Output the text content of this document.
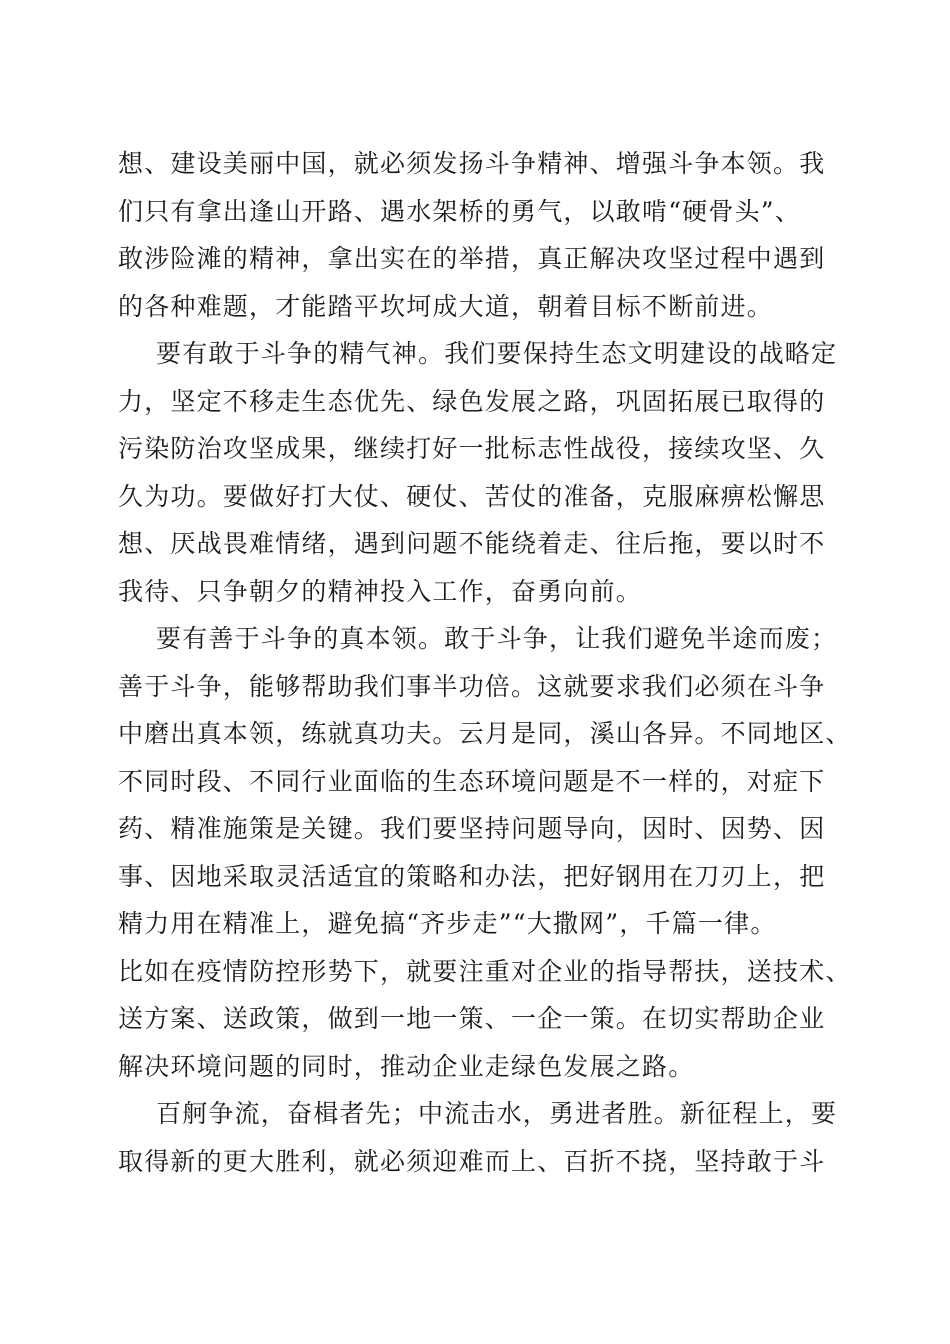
想、建设美丽中国，就必须发扬斗争精神、增强斗争本领。我
们只有拿出逢山开路、遇水架桥的勇气，以敢啃“硬骨头”、
敢涉险滩的精神，拿出实在的举措，真正解决攻坚过程中遇到
的各种难题，才能踏平坎坷成大道，朝着目标不断前进。
要有敢于斗争的精气神。我们要保持生态文明建设的战略定
力，坚定不移走生态优先、绿色发展之路，巩固拓展已取得的
污染防治攻坚成果，继续打好一批标志性战役，接续攻坚、久
久为功。要做好打大仗、硬仗、苦仗的准备，克服麻痹松懈思
想、厌战畏难情绪，遇到问题不能绕着走、往后拖，要以时不
我待、只争朝夕的精神投入工作，奋勇向前。
要有善于斗争的真本领。敢于斗争，让我们避免半途而废；
善于斗争，能够帮助我们事半功倍。这就要求我们必须在斗争
中磨出真本领，练就真功夫。云月是同，溪山各异。不同地区、
不同时段、不同行业面临的生态环境问题是不一样的，对症下
药、精准施策是关键。我们要坚持问题导向，因时、因势、因
事、因地采取灵活适宜的策略和办法，把好钢用在刀刃上，把
精力用在精准上，避免搞“齐步走”“大撒网”，千篇一律。
比如在疫情防控形势下，就要注重对企业的指导帮扶，送技术、
送方案、送政策，做到一地一策、一企一策。在切实帮助企业
解决环境问题的同时，推动企业走绿色发展之路。
百舸争流，奋楫者先；中流击水，勇进者胜。新征程上，要
取得新的更大胜利，就必须迎难而上、百折不挠，坚持敢于斗
